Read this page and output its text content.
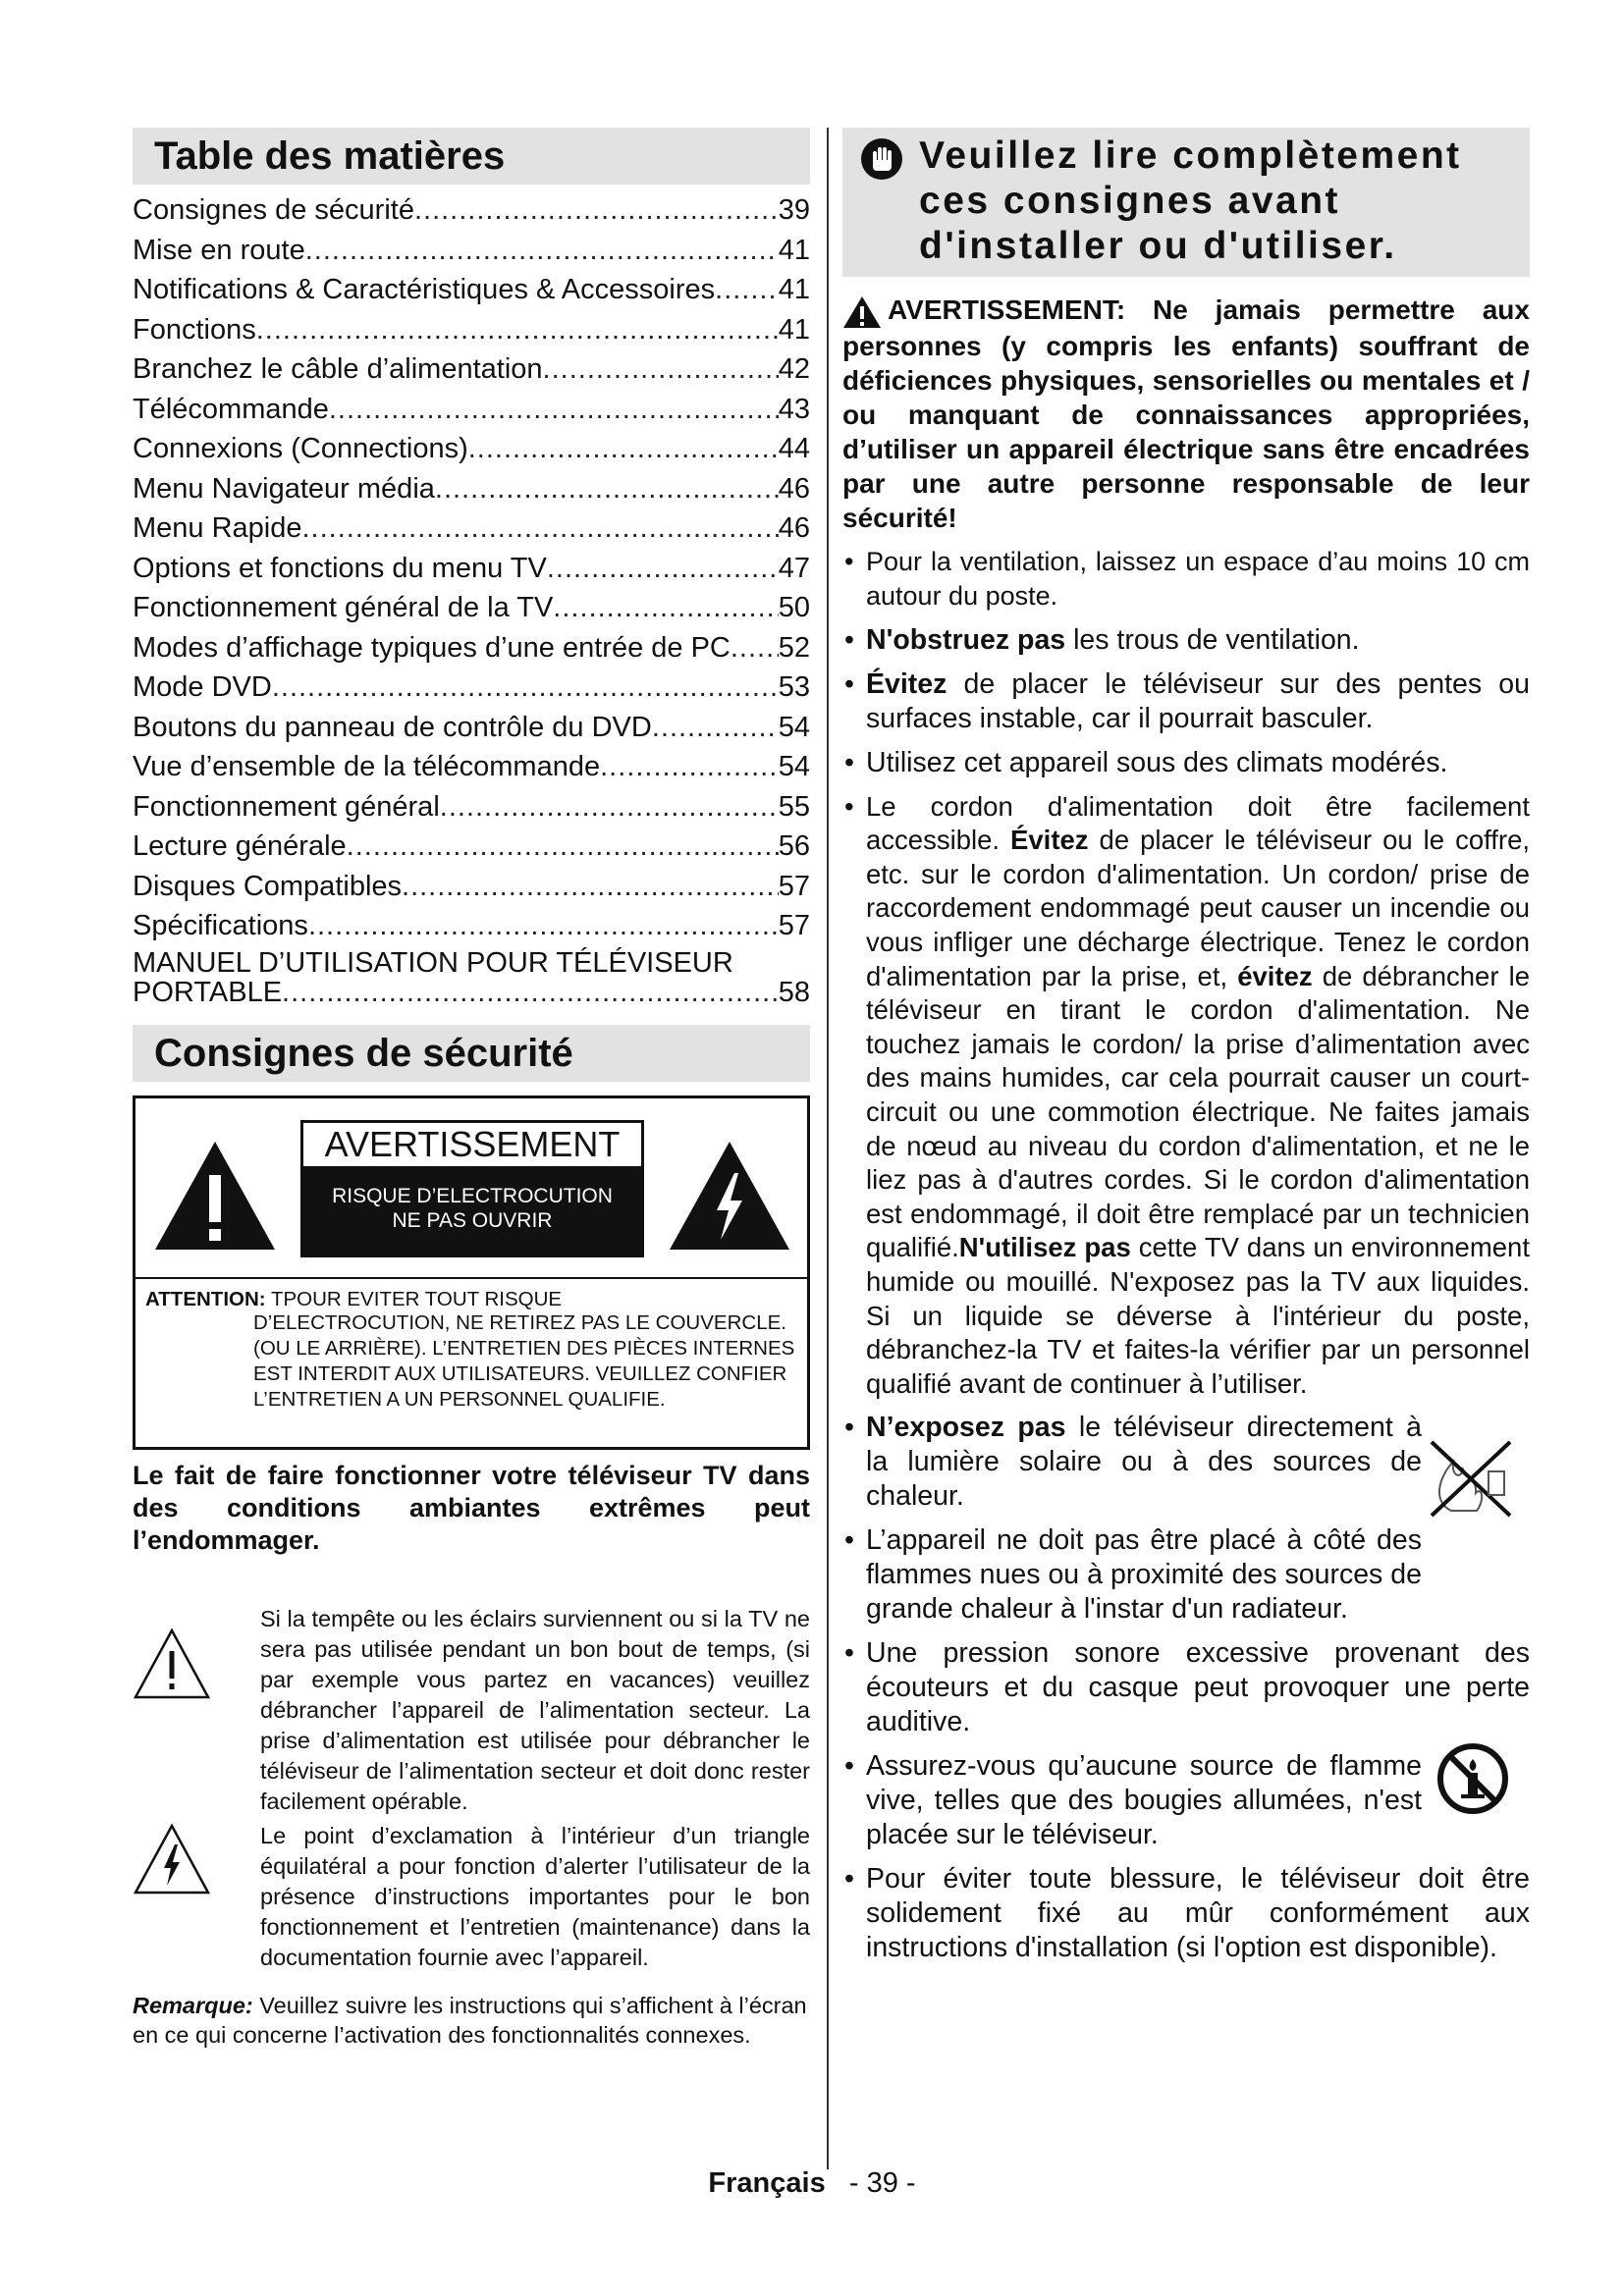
Table des matières
Consignes de sécurité .....	39
Mise en route .....	41
Notifications & Caractéristiques & Accessoires ..... 41
Fonctions .....	41
Branchez le câble d’alimentation .....	42
Télécommande .....	43
Connexions (Connections) .....	44
Menu Navigateur média .....	46
Menu Rapide .....	46
Options et fonctions du menu TV .....	47
Fonctionnement général de la TV .....	50
Modes d’affichage typiques d’une entrée de PC ..... 52
Mode DVD .....	53
Boutons du panneau de contrôle du DVD .....	54
Vue d’ensemble de la télécommande .....	54
Fonctionnement général .....	55
Lecture générale .....	56
Disques Compatibles .....	57
Spécifications .....	57
MANUEL D’UTILISATION POUR TÉLÉVISEUR
PORTABLE .....	58
Consignes de sécurité
AVERTISSEMENT
RISQUE D’ELECTROCUTION
NE PAS OUVRIR
ATTENTION: TPOUR EVITER TOUT RISQUE
D’ELECTROCUTION, NE RETIREZ PAS LE COUVERCLE. (OU LE ARRIÈRE). L’ENTRETIEN DES PIÈCES INTERNES EST INTERDIT AUX UTILISATEURS. VEUILLEZ CONFIER L’ENTRETIEN A UN PERSONNEL QUALIFIE.
Le fait de faire fonctionner votre téléviseur TV dans des conditions ambiantes extrêmes peut l’endommager.
Si la tempête ou les éclairs surviennent ou si la TV ne sera pas utilisée pendant un bon bout de temps, (si par exemple vous partez en vacances) veuillez débrancher l’appareil de l’alimentation secteur. La prise d’alimentation est utilisée pour débrancher le téléviseur de l’alimentation secteur et doit donc rester facilement opérable.
Le point d’exclamation à l’intérieur d’un triangle équilatéral a pour fonction d’alerter l’utilisateur de la présence d’instructions importantes pour le bon fonctionnement et l’entretien (maintenance) dans la documentation fournie avec l’appareil.
Remarque: Veuillez suivre les instructions qui s’affichent à l’écran en ce qui concerne l’activation des fonctionnalités connexes.
Veuillez lire complètement ces consignes avant d'installer ou d'utiliser.
AVERTISSEMENT: Ne jamais permettre aux personnes (y compris les enfants) souffrant de déficiences physiques, sensorielles ou mentales et / ou manquant de connaissances appropriées, d’utiliser un appareil électrique sans être encadrées par une autre personne responsable de leur sécurité!
• Pour la ventilation, laissez un espace d’au moins 10 cm autour du poste.
• N'obstruez pas les trous de ventilation.
• Évitez de placer le téléviseur sur des pentes ou surfaces instable, car il pourrait basculer.
• Utilisez cet appareil sous des climats modérés.
• Le cordon d'alimentation doit être facilement accessible. Évitez de placer le téléviseur ou le coffre, etc. sur le cordon d'alimentation. Un cordon/ prise de raccordement endommagé peut causer un incendie ou vous infliger une décharge électrique. Tenez le cordon d'alimentation par la prise, et, évitez de débrancher le téléviseur en tirant le cordon d'alimentation. Ne touchez jamais le cordon/ la prise d’alimentation avec des mains humides, car cela pourrait causer un court-circuit ou une commotion électrique. Ne faites jamais de nœud au niveau du cordon d'alimentation, et ne le liez pas à d'autres cordes. Si le cordon d'alimentation est endommagé, il doit être remplacé par un technicien qualifié.N'utilisez pas cette TV dans un environnement humide ou mouillé. N'exposez pas la TV aux liquides. Si un liquide se déverse à l'intérieur du poste, débranchez-la TV et faites-la vérifier par un personnel qualifié avant de continuer à l’utiliser.
• N’exposez pas le téléviseur directement à la lumière solaire ou à des sources de chaleur.
• L’appareil ne doit pas être placé à côté des flammes nues ou à proximité des sources de grande chaleur à l'instar d'un radiateur.
• Une pression sonore excessive provenant des écouteurs et du casque peut provoquer une perte auditive.
• Assurez-vous qu’aucune source de flamme vive, telles que des bougies allumées, n'est placée sur le téléviseur.
• Pour éviter toute blessure, le téléviseur doit être solidement fixé au mûr conformément aux instructions d'installation (si l'option est disponible).
Français - 39 -
